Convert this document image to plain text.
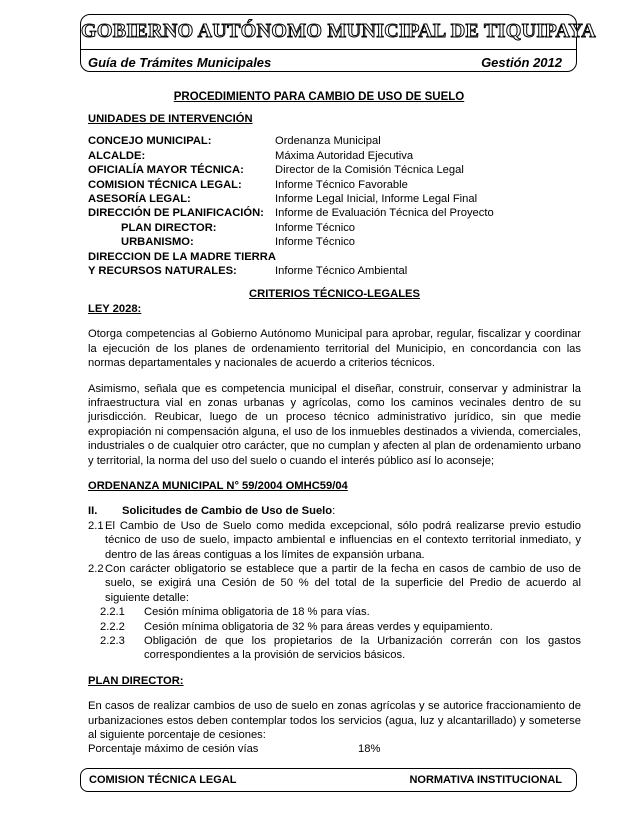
GOBIERNO AUTÓNOMO MUNICIPAL DE TIQUIPAYA
Guía de Trámites Municipales	Gestión 2012
PROCEDIMIENTO PARA CAMBIO DE USO DE SUELO
UNIDADES DE INTERVENCIÓN
CONCEJO MUNICIPAL:	Ordenanza Municipal
ALCALDE:	Máxima Autoridad Ejecutiva
OFICIALÍA MAYOR TÉCNICA:	Director de la Comisión Técnica Legal
COMISION TÉCNICA LEGAL:	Informe Técnico Favorable
ASESORÍA LEGAL:	Informe Legal Inicial, Informe Legal Final
DIRECCIÓN DE PLANIFICACIÓN: Informe de Evaluación Técnica del Proyecto
PLAN DIRECTOR:	Informe Técnico
URBANISMO:	Informe Técnico
DIRECCION DE LA MADRE TIERRA
Y RECURSOS NATURALES:	Informe Técnico Ambiental
CRITERIOS TÉCNICO-LEGALES
LEY 2028:

Otorga competencias al Gobierno Autónomo Municipal para aprobar, regular, fiscalizar y coordinar la ejecución de los planes de ordenamiento territorial del Municipio, en concordancia con las normas departamentales y nacionales de acuerdo a criterios técnicos.

Asimismo, señala que es competencia municipal el diseñar, construir, conservar y administrar la infraestructura vial en zonas urbanas y agrícolas, como los caminos vecinales dentro de su jurisdicción. Reubicar, luego de un proceso técnico administrativo jurídico, sin que medie expropiación ni compensación alguna, el uso de los inmuebles destinados a vivienda, comerciales, industriales o de cualquier otro carácter, que no cumplan y afecten al plan de ordenamiento urbano y territorial, la norma del uso del suelo o cuando el interés público así lo aconseje;

ORDENANZA MUNICIPAL N° 59/2004 OMHC59/04
II.	Solicitudes de Cambio de Uso de Suelo :
2.1 El Cambio de Uso de Suelo como medida excepcional, sólo podrá realizarse previo estudio técnico de uso de suelo, impacto ambiental e influencias en el contexto territorial inmediato, y dentro de las áreas contiguas a los límites de expansión urbana.
2.2 Con carácter obligatorio se establece que a partir de la fecha en casos de cambio de uso de suelo, se exigirá una Cesión de 50 % del total de la superficie del Predio de acuerdo al siguiente detalle:
2.2.1	Cesión mínima obligatoria de 18 % para vías.
2.2.2	Cesión mínima obligatoria de 32 % para áreas verdes y equipamiento.
2.2.3	Obligación de que los propietarios de la Urbanización correrán con los gastos correspondientes a la provisión de servicios básicos.
PLAN DIRECTOR:

En casos de realizar cambios de uso de suelo en zonas agrícolas y se autorice fraccionamiento de urbanizaciones estos deben contemplar todos los servicios (agua, luz y alcantarillado) y someterse al siguiente porcentaje de cesiones:

Porcentaje máximo de cesión vías	18%
COMISION TÉCNICA LEGAL	NORMATIVA INSTITUCIONAL
